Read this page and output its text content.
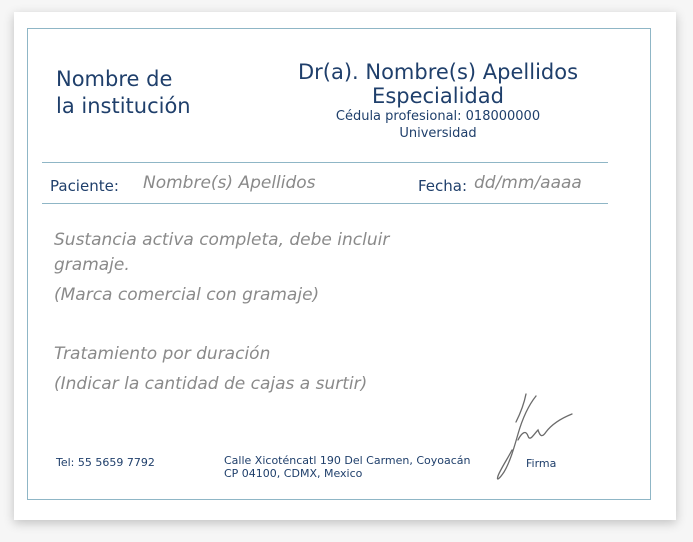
Nombre de
la institución
Dr(a). Nombre(s) Apellidos
Especialidad
Cédula profesional: 018000000
Universidad
Paciente: Nombre(s) Apellidos	Fecha: dd/mm/aaaa
Sustancia activa completa, debe incluir
gramaje.
(Marca comercial con gramaje)
Tratamiento por duración
(Indicar la cantidad de cajas a surtir)
Tel: 55 5659 7792	Calle Xicoténcatl 190 Del Carmen, Coyoacán
CP 04100, CDMX, Mexico
Firma
